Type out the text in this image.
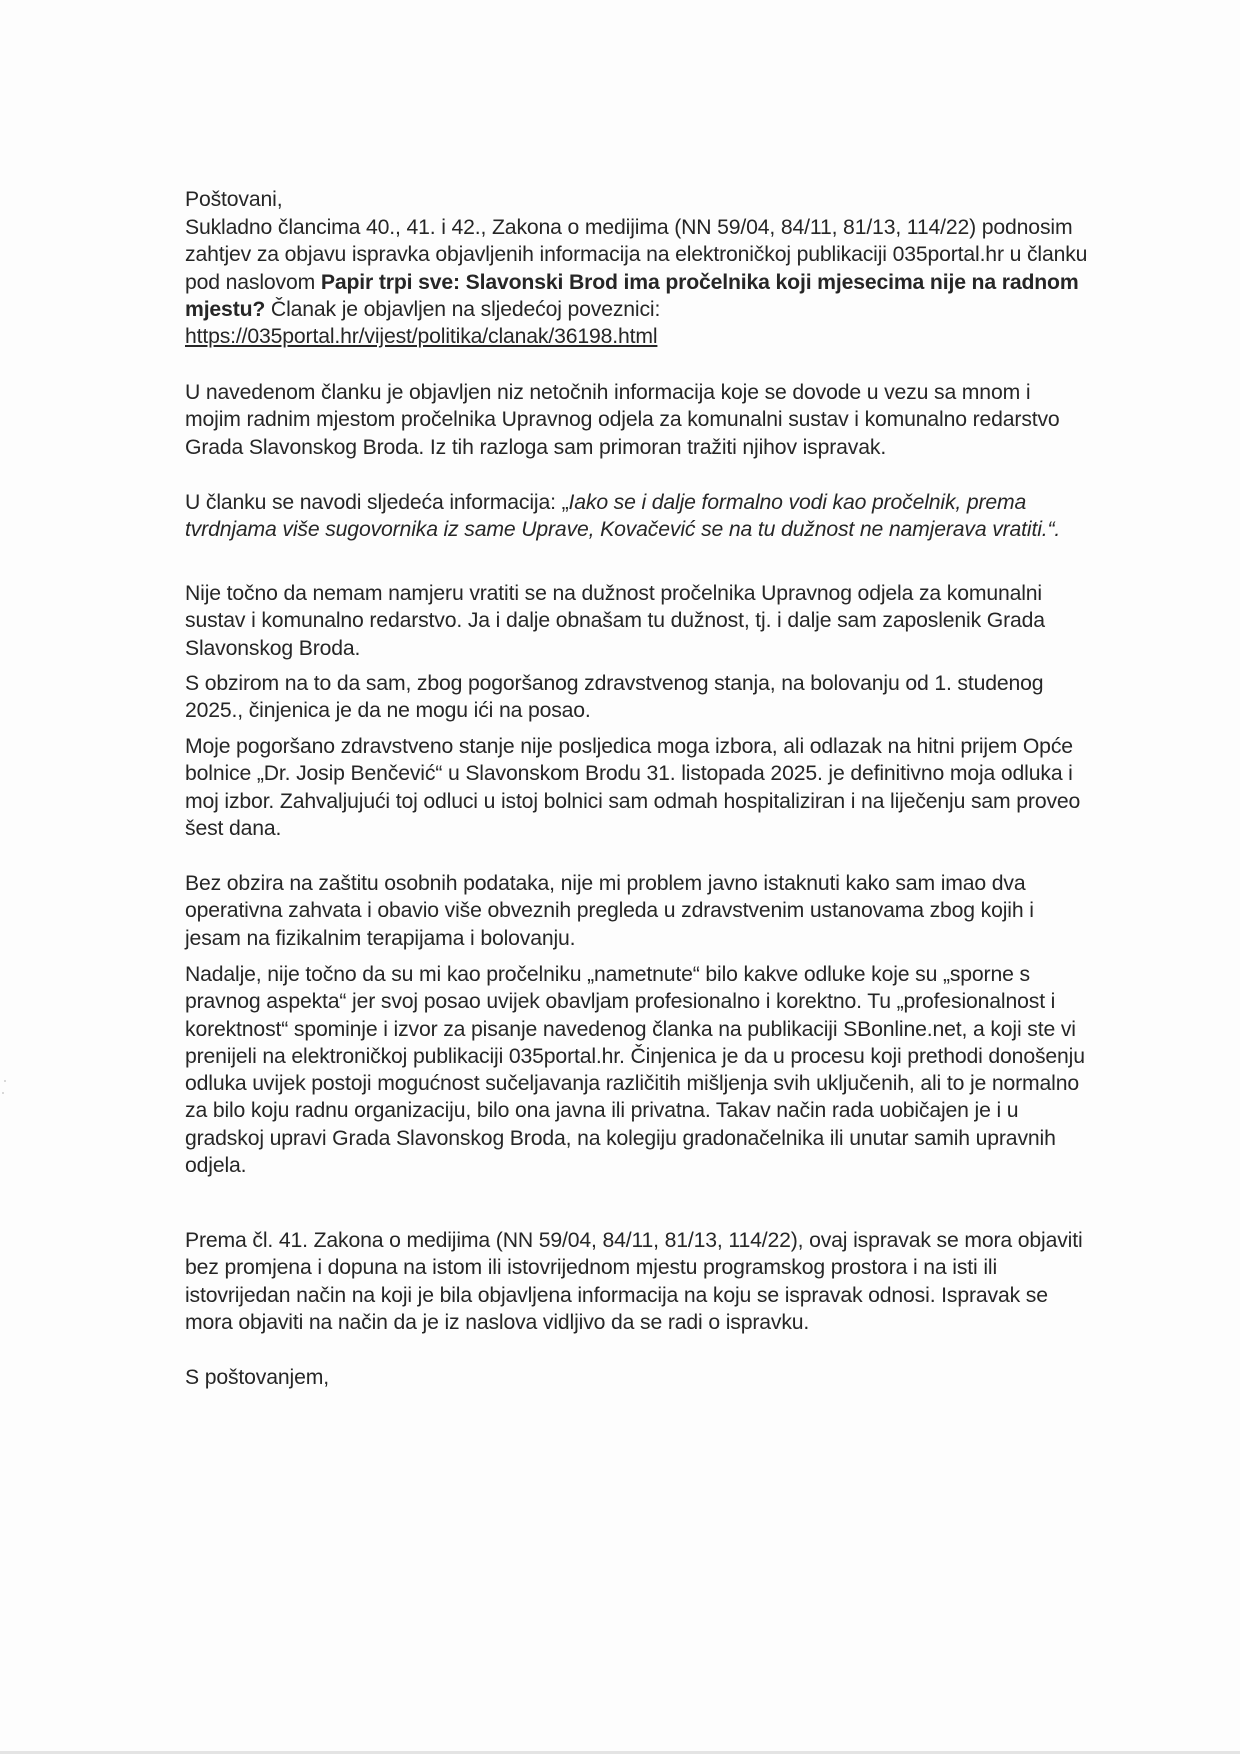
Poštovani,

Sukladno člancima 40., 41. i 42., Zakona o medijima (NN 59/04, 84/11, 81/13, 114/22) podnosim zahtjev za objavu ispravka objavljenih informacija na elektroničkoj publikaciji 035portal.hr u članku pod naslovom Papir trpi sve: Slavonski Brod ima pročelnika koji mjesecima nije na radnom mjestu? Članak je objavljen na sljedećoj poveznici: https://035portal.hr/vijest/politika/clanak/36198.html

U navedenom članku je objavljen niz netočnih informacija koje se dovode u vezu sa mnom i mojim radnim mjestom pročelnika Upravnog odjela za komunalni sustav i komunalno redarstvo Grada Slavonskog Broda. Iz tih razloga sam primoran tražiti njihov ispravak.

U članku se navodi sljedeća informacija: „Iako se i dalje formalno vodi kao pročelnik, prema tvrdnjama više sugovornika iz same Uprave, Kovačević se na tu dužnost ne namjerava vratiti.“.

Nije točno da nemam namjeru vratiti se na dužnost pročelnika Upravnog odjela za komunalni sustav i komunalno redarstvo. Ja i dalje obnašam tu dužnost, tj. i dalje sam zaposlenik Grada Slavonskog Broda.

S obzirom na to da sam, zbog pogoršanog zdravstvenog stanja, na bolovanju od 1. studenog 2025., činjenica je da ne mogu ići na posao.

Moje pogoršano zdravstveno stanje nije posljedica moga izbora, ali odlazak na hitni prijem Opće bolnice „Dr. Josip Benčević“ u Slavonskom Brodu 31. listopada 2025. je definitivno moja odluka i moj izbor. Zahvaljujući toj odluci u istoj bolnici sam odmah hospitaliziran i na liječenju sam proveo šest dana.

Bez obzira na zaštitu osobnih podataka, nije mi problem javno istaknuti kako sam imao dva operativna zahvata i obavio više obveznih pregleda u zdravstvenim ustanovama zbog kojih i jesam na fizikalnim terapijama i bolovanju.

Nadalje, nije točno da su mi kao pročelniku „nametnute“ bilo kakve odluke koje su „sporne s pravnog aspekta“ jer svoj posao uvijek obavljam profesionalno i korektno. Tu „profesionalnost i korektnost“ spominje i izvor za pisanje navedenog članka na publikaciji SBonline.net, a koji ste vi prenijeli na elektroničkoj publikaciji 035portal.hr. Činjenica je da u procesu koji prethodi donošenju odluka uvijek postoji mogućnost sučeljavanja različitih mišljenja svih uključenih, ali to je normalno za bilo koju radnu organizaciju, bilo ona javna ili privatna. Takav način rada uobičajen je i u gradskoj upravi Grada Slavonskog Broda, na kolegiju gradonačelnika ili unutar samih upravnih odjela.

Prema čl. 41. Zakona o medijima (NN 59/04, 84/11, 81/13, 114/22), ovaj ispravak se mora objaviti bez promjena i dopuna na istom ili istovrijednom mjestu programskog prostora i na isti ili istovrijedan način na koji je bila objavljena informacija na koju se ispravak odnosi. Ispravak se mora objaviti na način da je iz naslova vidljivo da se radi o ispravku.

S poštovanjem,
